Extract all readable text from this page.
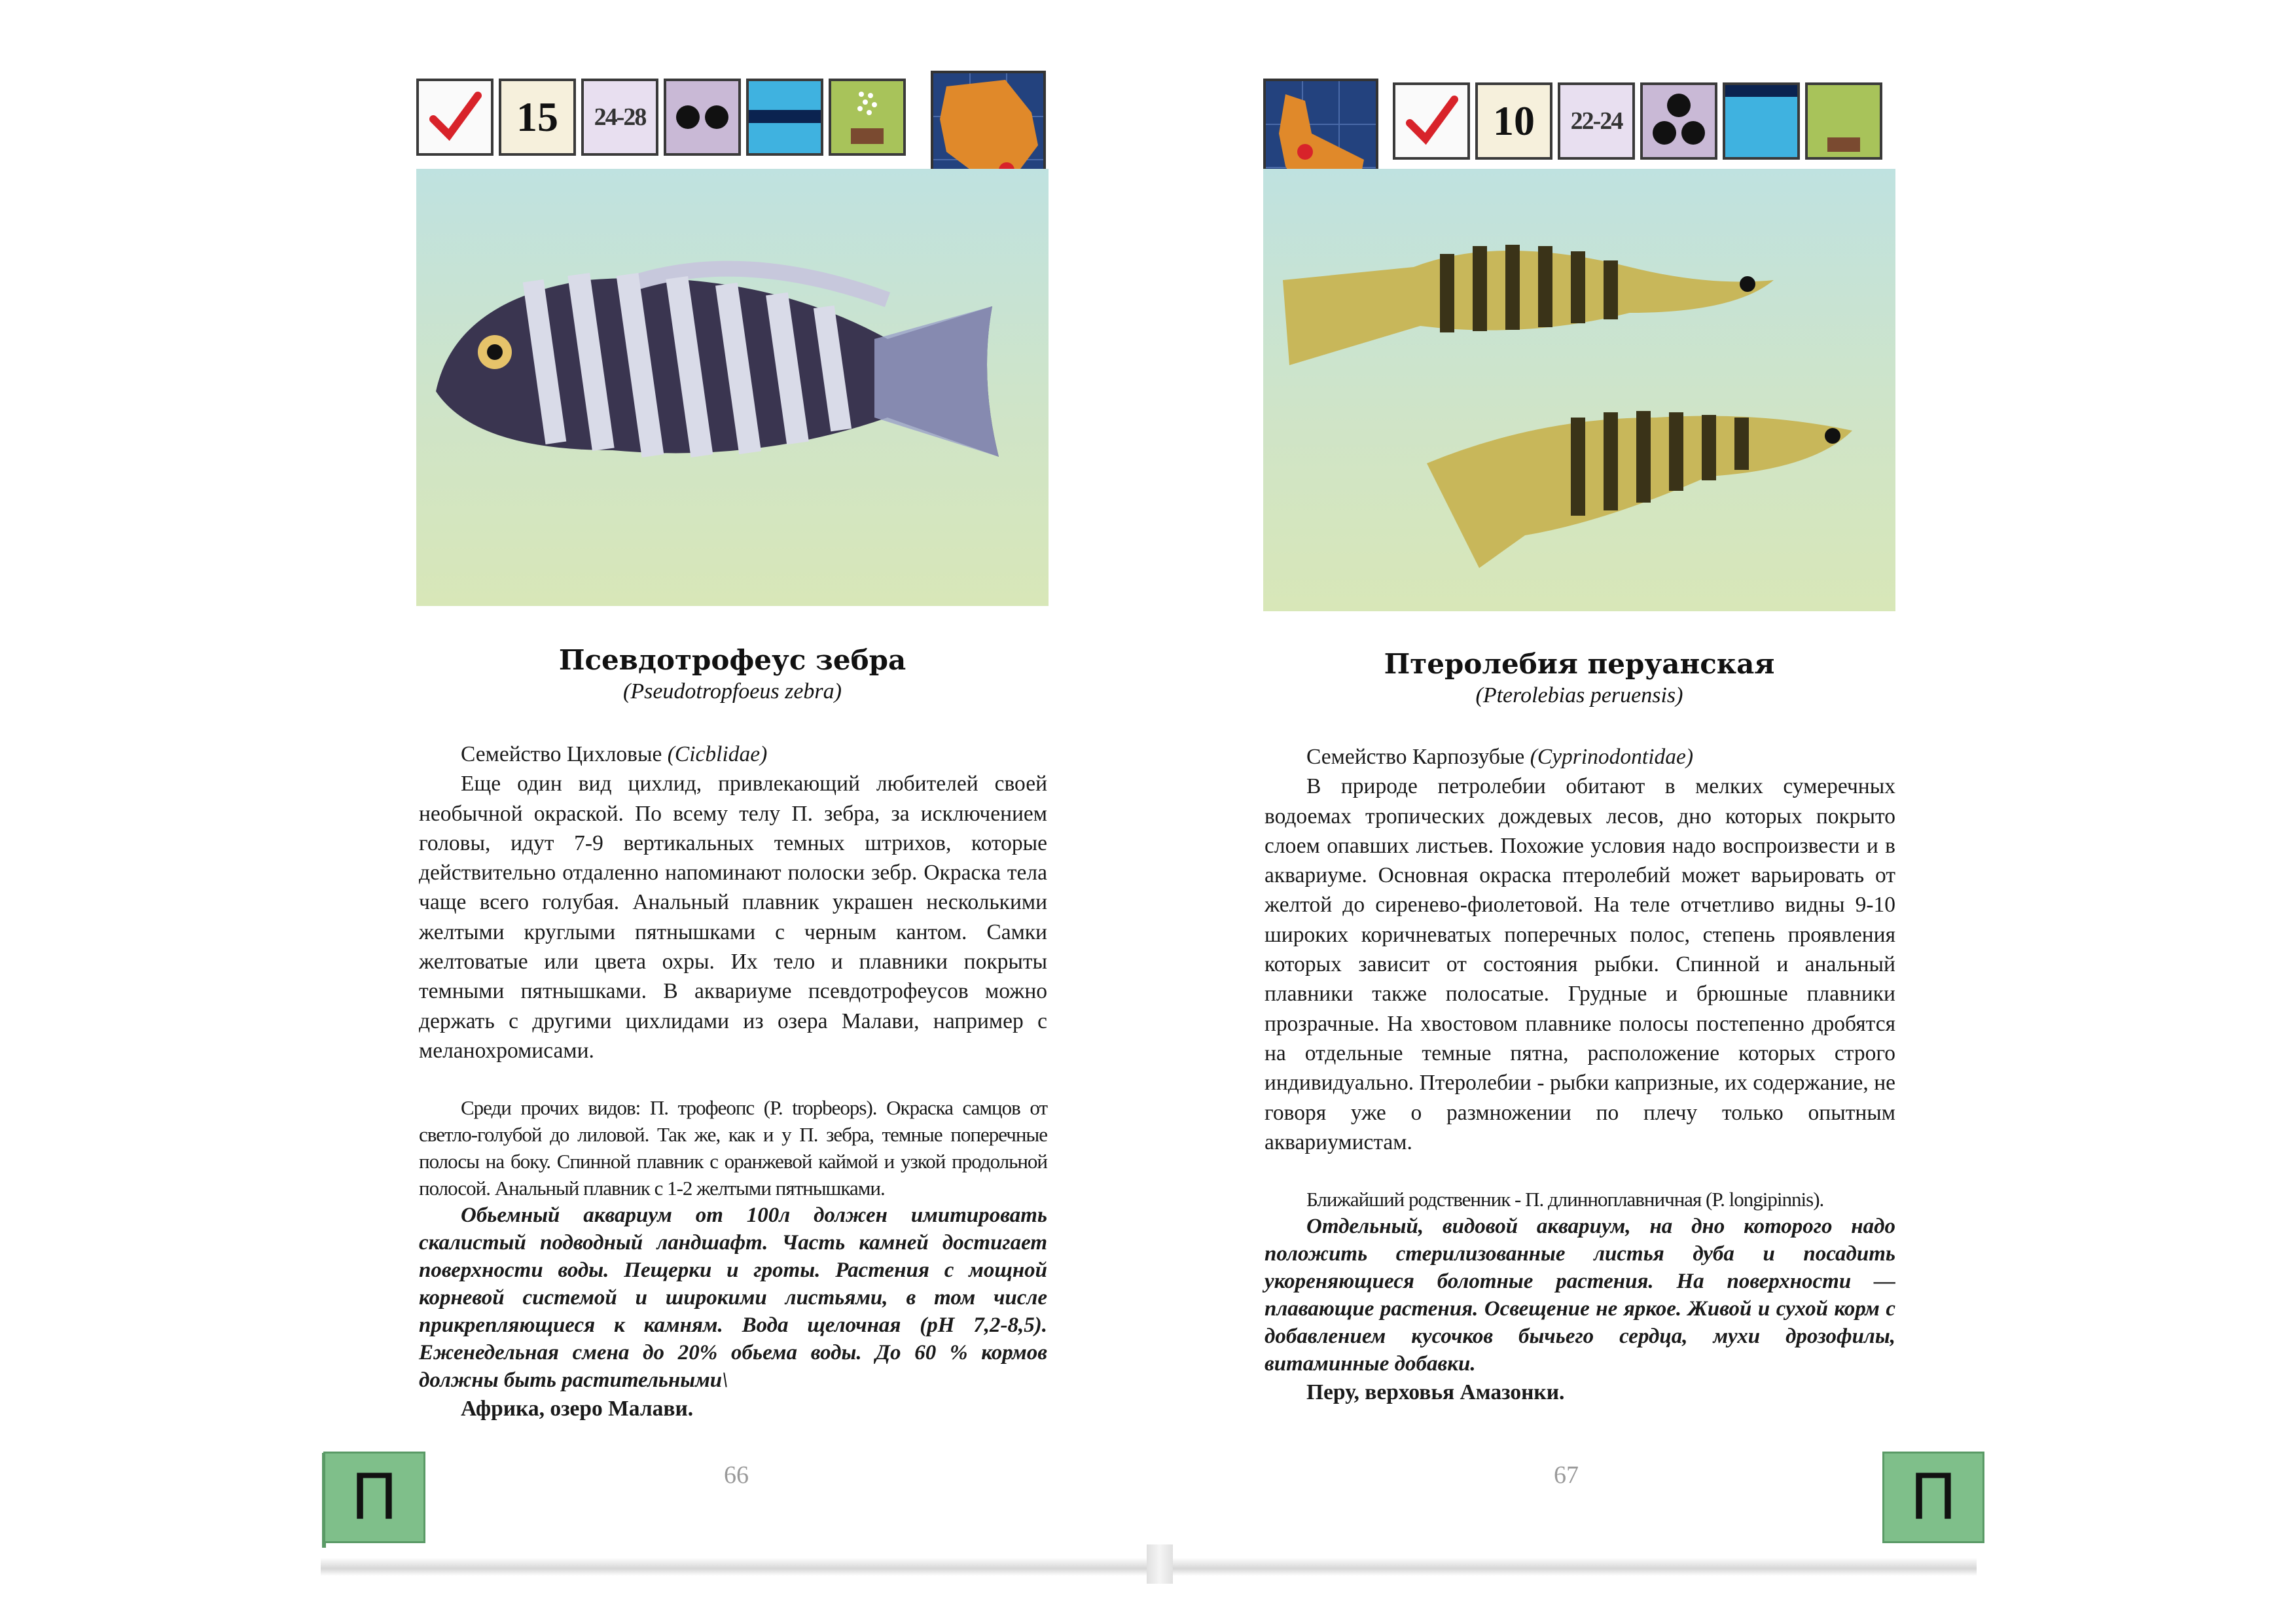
15	24-28
Псевдотрофеус зебра
(Pseudotropfoeus zebra)

Семейство Цихловые (Cicblidae)

Еще один вид цихлид, привлекающий любителей своей необычной окраской. По всему телу П. зебра, за исключением головы, идут 7-9 вертикальных темных штрихов, которые действительно отдаленно напоминают полоски зебр. Окраска тела чаще всего голубая. Анальный плавник украшен несколькими желтыми круглыми пятнышками с черным кантом. Самки желтоватые или цвета охры. Их тело и плавники покрыты темными пятнышками. В аквариуме псевдотрофеусов можно держать с другими цихлидами из озера Малави, например с меланохромисами.

Среди прочих видов: П. трофеопс (P. tropbeops). Окраска самцов от светло-голубой до лиловой. Так же, как и у П. зебра, темные поперечные полосы на боку. Спинной плавник с оранжевой каймой и узкой продольной полосой. Анальный плавник с 1-2 желтыми пятнышками.

Обьемный аквариум от 100л должен имитировать скалистый подводный ландшафт. Часть камней достигает поверхности воды. Пещерки и гроты. Растения с мощной корневой системой и широкими листьями, в том числе прикрепляющиеся к камням. Вода щелочная (рН 7,2-8,5). Еженедельная смена до 20% обьема воды. До 60 % кормов должны быть растительными\

Африка, озеро Малави.

П	66
10	22-24
Птеролебия перуанская
(Pterolebias peruensis)

Семейство Карпозубые (Cyprinodontidae)

В природе петролебии обитают в мелких сумеречных водоемах тропических дождевых лесов, дно которых покрыто слоем опавших листьев. Похожие условия надо воспроизвести и в аквариуме. Основная окраска птеролебий может варьировать от желтой до сиренево-фиолетовой. На теле отчетливо видны 9-10 широких коричневатых поперечных полос, степень проявления которых зависит от состояния рыбки. Спинной и анальный плавники также полосатые. Грудные и брюшные плавники прозрачные. На хвостовом плавнике полосы постепенно дробятся на отдельные темные пятна, расположение которых строго индивидуально. Птеролебии - рыбки капризные, их содержание, не говоря уже о размножении по плечу только опытным аквариумистам.

Ближайший родственник - П. длинноплавничная (P. longipinnis).

Отдельный, видовой аквариум, на дно которого надо положить стерилизованные листья дуба и посадить укореняющиеся болотные растения. На поверхности — плавающие растения. Освещение не яркое. Живой и сухой корм с добавлением кусочков бычьего сердца, мухи дрозофилы, витаминные добавки.

Перу, верховья Амазонки.

67	П
